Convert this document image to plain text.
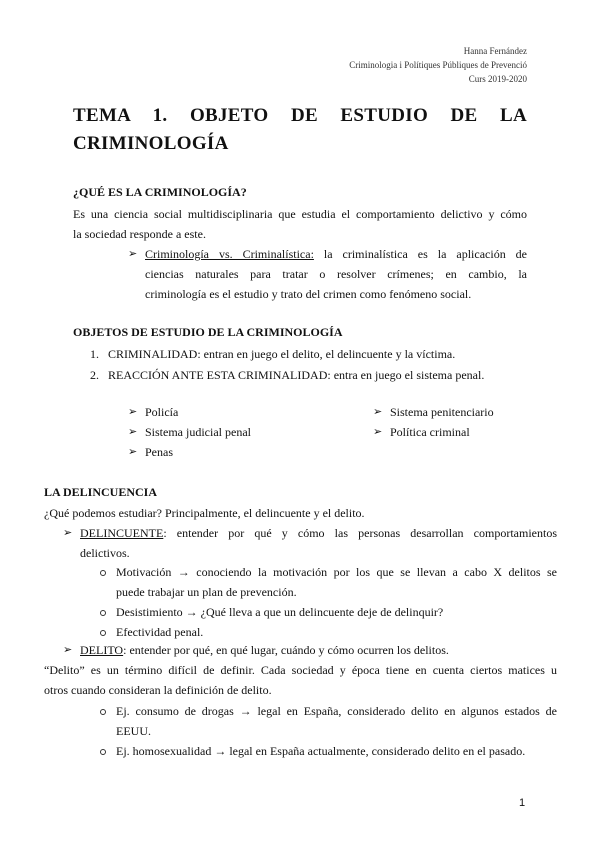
Hanna Fernández
Criminologia i Polítiques Públiques de Prevenció
Curs 2019-2020
TEMA 1. OBJETO DE ESTUDIO DE LA
CRIMINOLOGÍA
¿QUÉ ES LA CRIMINOLOGÍA?
Es una ciencia social multidisciplinaria que estudia el comportamiento delictivo y cómo
la sociedad responde a este.
➢ Criminología vs. Criminalística: la criminalística es la aplicación de
ciencias naturales para tratar o resolver crímenes; en cambio, la
criminología es el estudio y trato del crimen como fenómeno social.
OBJETOS DE ESTUDIO DE LA CRIMINOLOGÍA
1. CRIMINALIDAD: entran en juego el delito, el delincuente y la víctima.
2. REACCIÓN ANTE ESTA CRIMINALIDAD: entra en juego el sistema penal.
➢ Policía
➢ Sistema judicial penal
➢ Penas
➢ Sistema penitenciario
➢ Política criminal
LA DELINCUENCIA
¿Qué podemos estudiar? Principalmente, el delincuente y el delito.
➢ DELINCUENTE: entender por qué y cómo las personas desarrollan comportamientos
delictivos.
Motivación → conociendo la motivación por los que se llevan a cabo X delitos se
puede trabajar un plan de prevención.
Desistimiento → ¿Qué lleva a que un delincuente deje de delinquir?
Efectividad penal.
➢ DELITO: entender por qué, en qué lugar, cuándo y cómo ocurren los delitos.
“Delito” es un término difícil de definir. Cada sociedad y época tiene en cuenta ciertos matices u
otros cuando consideran la definición de delito.
Ej. consumo de drogas → legal en España, considerado delito en algunos estados de
EEUU.
Ej. homosexualidad → legal en España actualmente, considerado delito en el pasado.
1
